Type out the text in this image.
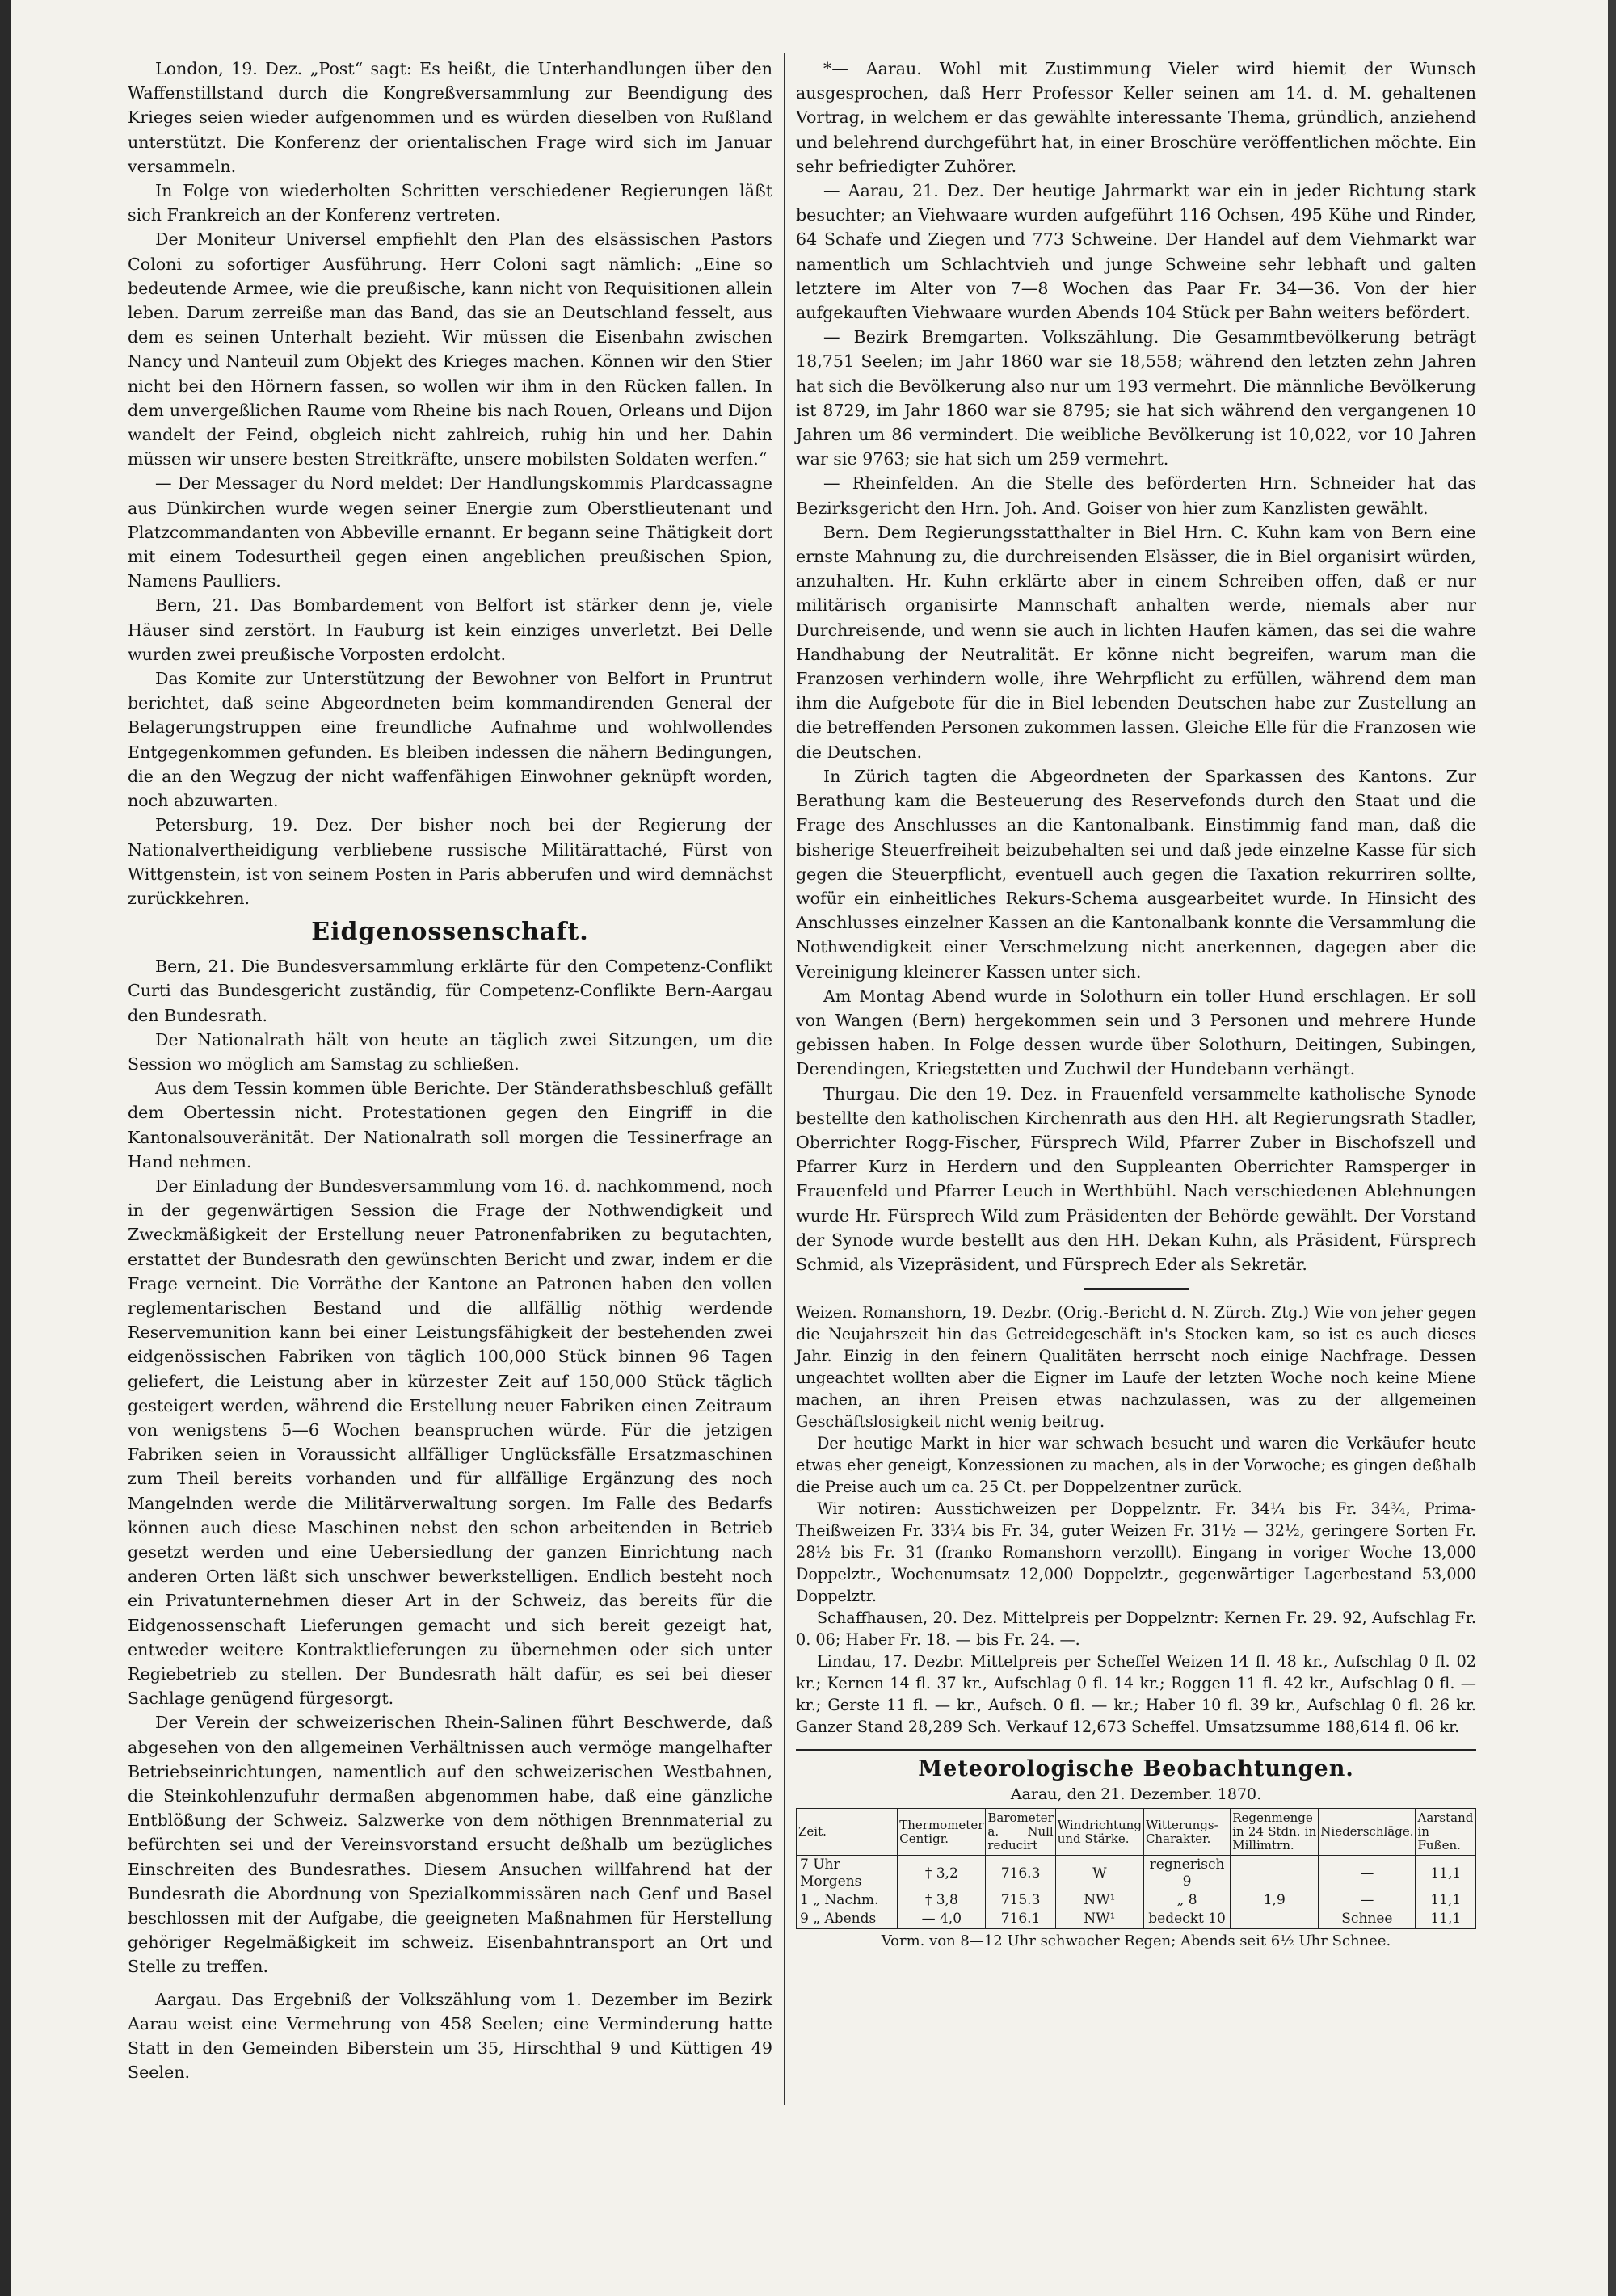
London, 19. Dez. „Post“ sagt: Es heißt, die Unterhandlungen über den Waffenstillstand durch die Kongreßversammlung zur Beendigung des Krieges seien wieder aufgenommen und es würden dieselben von Rußland unterstützt. Die Konferenz der orientalischen Frage wird sich im Januar versammeln.

In Folge von wiederholten Schritten verschiedener Regierungen läßt sich Frankreich an der Konferenz vertreten.

Der Moniteur Universel empfiehlt den Plan des elsässischen Pastors Coloni zu sofortiger Ausführung. Herr Coloni sagt nämlich: „Eine so bedeutende Armee, wie die preußische, kann nicht von Requisitionen allein leben. Darum zerreiße man das Band, das sie an Deutschland fesselt, aus dem es seinen Unterhalt bezieht. Wir müssen die Eisenbahn zwischen Nancy und Nanteuil zum Objekt des Krieges machen. Können wir den Stier nicht bei den Hörnern fassen, so wollen wir ihm in den Rücken fallen. In dem unvergeßlichen Raume vom Rheine bis nach Rouen, Orleans und Dijon wandelt der Feind, obgleich nicht zahlreich, ruhig hin und her. Dahin müssen wir unsere besten Streitkräfte, unsere mobilsten Soldaten werfen.“

— Der Messager du Nord meldet: Der Handlungskommis Plardcassagne aus Dünkirchen wurde wegen seiner Energie zum Oberstlieutenant und Platzcommandanten von Abbeville ernannt. Er begann seine Thätigkeit dort mit einem Todesurtheil gegen einen angeblichen preußischen Spion, Namens Paulliers.

Bern, 21. Das Bombardement von Belfort ist stärker denn je, viele Häuser sind zerstört. In Fauburg ist kein einziges unverletzt. Bei Delle wurden zwei preußische Vorposten erdolcht.

Das Komite zur Unterstützung der Bewohner von Belfort in Pruntrut berichtet, daß seine Abgeordneten beim kommandirenden General der Belagerungstruppen eine freundliche Aufnahme und wohlwollendes Entgegenkommen gefunden. Es bleiben indessen die nähern Bedingungen, die an den Wegzug der nicht waffenfähigen Einwohner geknüpft worden, noch abzuwarten.

Petersburg, 19. Dez. Der bisher noch bei der Regierung der Nationalvertheidigung verbliebene russische Militärattaché, Fürst von Wittgenstein, ist von seinem Posten in Paris abberufen und wird demnächst zurückkehren.

Eidgenossenschaft.

Bern, 21. Die Bundesversammlung erklärte für den Competenz-Conflikt Curti das Bundesgericht zuständig, für Competenz-Conflikte Bern-Aargau den Bundesrath.

Der Nationalrath hält von heute an täglich zwei Sitzungen, um die Session wo möglich am Samstag zu schließen.

Aus dem Tessin kommen üble Berichte. Der Ständerathsbeschluß gefällt dem Obertessin nicht. Protestationen gegen den Eingriff in die Kantonalsouveränität. Der Nationalrath soll morgen die Tessinerfrage an Hand nehmen.

Der Einladung der Bundesversammlung vom 16. d. nachkommend, noch in der gegenwärtigen Session die Frage der Nothwendigkeit und Zweckmäßigkeit der Erstellung neuer Patronenfabriken zu begutachten, erstattet der Bundesrath den gewünschten Bericht und zwar, indem er die Frage verneint. Die Vorräthe der Kantone an Patronen haben den vollen reglementarischen Bestand und die allfällig nöthig werdende Reservemunition kann bei einer Leistungsfähigkeit der bestehenden zwei eidgenössischen Fabriken von täglich 100,000 Stück binnen 96 Tagen geliefert, die Leistung aber in kürzester Zeit auf 150,000 Stück täglich gesteigert werden, während die Erstellung neuer Fabriken einen Zeitraum von wenigstens 5—6 Wochen beanspruchen würde. Für die jetzigen Fabriken seien in Voraussicht allfälliger Unglücksfälle Ersatzmaschinen zum Theil bereits vorhanden und für allfällige Ergänzung des noch Mangelnden werde die Militärverwaltung sorgen. Im Falle des Bedarfs können auch diese Maschinen nebst den schon arbeitenden in Betrieb gesetzt werden und eine Uebersiedlung der ganzen Einrichtung nach anderen Orten läßt sich unschwer bewerkstelligen. Endlich besteht noch ein Privatunternehmen dieser Art in der Schweiz, das bereits für die Eidgenossenschaft Lieferungen gemacht und sich bereit gezeigt hat, entweder weitere Kontraktlieferungen zu übernehmen oder sich unter Regiebetrieb zu stellen. Der Bundesrath hält dafür, es sei bei dieser Sachlage genügend fürgesorgt.

Der Verein der schweizerischen Rhein-Salinen führt Beschwerde, daß abgesehen von den allgemeinen Verhältnissen auch vermöge mangelhafter Betriebseinrichtungen, namentlich auf den schweizerischen Westbahnen, die Steinkohlenzufuhr dermaßen abgenommen habe, daß eine gänzliche Entblößung der Schweiz. Salzwerke von dem nöthigen Brennmaterial zu befürchten sei und der Vereinsvorstand ersucht deßhalb um bezügliches Einschreiten des Bundesrathes. Diesem Ansuchen willfahrend hat der Bundesrath die Abordnung von Spezialkommissären nach Genf und Basel beschlossen mit der Aufgabe, die geeigneten Maßnahmen für Herstellung gehöriger Regelmäßigkeit im schweiz. Eisenbahntransport an Ort und Stelle zu treffen.

Aargau. Das Ergebniß der Volkszählung vom 1. Dezember im Bezirk Aarau weist eine Vermehrung von 458 Seelen; eine Verminderung hatte Statt in den Gemeinden Biberstein um 35, Hirschthal 9 und Küttigen 49 Seelen.

*— Aarau. Wohl mit Zustimmung Vieler wird hiemit der Wunsch ausgesprochen, daß Herr Professor Keller seinen am 14. d. M. gehaltenen Vortrag, in welchem er das gewählte interessante Thema, gründlich, anziehend und belehrend durchgeführt hat, in einer Broschüre veröffentlichen möchte. Ein sehr befriedigter Zuhörer.

— Aarau, 21. Dez. Der heutige Jahrmarkt war ein in jeder Richtung stark besuchter; an Viehwaare wurden aufgeführt 116 Ochsen, 495 Kühe und Rinder, 64 Schafe und Ziegen und 773 Schweine. Der Handel auf dem Viehmarkt war namentlich um Schlachtvieh und junge Schweine sehr lebhaft und galten letztere im Alter von 7—8 Wochen das Paar Fr. 34—36. Von der hier aufgekauften Viehwaare wurden Abends 104 Stück per Bahn weiters befördert.

— Bezirk Bremgarten. Volkszählung. Die Gesammtbevölkerung beträgt 18,751 Seelen; im Jahr 1860 war sie 18,558; während den letzten zehn Jahren hat sich die Bevölkerung also nur um 193 vermehrt. Die männliche Bevölkerung ist 8729, im Jahr 1860 war sie 8795; sie hat sich während den vergangenen 10 Jahren um 86 vermindert. Die weibliche Bevölkerung ist 10,022, vor 10 Jahren war sie 9763; sie hat sich um 259 vermehrt.

— Rheinfelden. An die Stelle des beförderten Hrn. Schneider hat das Bezirksgericht den Hrn. Joh. And. Goiser von hier zum Kanzlisten gewählt.

Bern. Dem Regierungsstatthalter in Biel Hrn. C. Kuhn kam von Bern eine ernste Mahnung zu, die durchreisenden Elsässer, die in Biel organisirt würden, anzuhalten. Hr. Kuhn erklärte aber in einem Schreiben offen, daß er nur militärisch organisirte Mannschaft anhalten werde, niemals aber nur Durchreisende, und wenn sie auch in lichten Haufen kämen, das sei die wahre Handhabung der Neutralität. Er könne nicht begreifen, warum man die Franzosen verhindern wolle, ihre Wehrpflicht zu erfüllen, während dem man ihm die Aufgebote für die in Biel lebenden Deutschen habe zur Zustellung an die betreffenden Personen zukommen lassen. Gleiche Elle für die Franzosen wie die Deutschen.

In Zürich tagten die Abgeordneten der Sparkassen des Kantons. Zur Berathung kam die Besteuerung des Reservefonds durch den Staat und die Frage des Anschlusses an die Kantonalbank. Einstimmig fand man, daß die bisherige Steuerfreiheit beizubehalten sei und daß jede einzelne Kasse für sich gegen die Steuerpflicht, eventuell auch gegen die Taxation rekurriren sollte, wofür ein einheitliches Rekurs-Schema ausgearbeitet wurde. In Hinsicht des Anschlusses einzelner Kassen an die Kantonalbank konnte die Versammlung die Nothwendigkeit einer Verschmelzung nicht anerkennen, dagegen aber die Vereinigung kleinerer Kassen unter sich.

Am Montag Abend wurde in Solothurn ein toller Hund erschlagen. Er soll von Wangen (Bern) hergekommen sein und 3 Personen und mehrere Hunde gebissen haben. In Folge dessen wurde über Solothurn, Deitingen, Subingen, Derendingen, Kriegstetten und Zuchwil der Hundebann verhängt.

Thurgau. Die den 19. Dez. in Frauenfeld versammelte katholische Synode bestellte den katholischen Kirchenrath aus den HH. alt Regierungsrath Stadler, Oberrichter Rogg-Fischer, Fürsprech Wild, Pfarrer Zuber in Bischofszell und Pfarrer Kurz in Herdern und den Suppleanten Oberrichter Ramsperger in Frauenfeld und Pfarrer Leuch in Werthbühl. Nach verschiedenen Ablehnungen wurde Hr. Fürsprech Wild zum Präsidenten der Behörde gewählt. Der Vorstand der Synode wurde bestellt aus den HH. Dekan Kuhn, als Präsident, Fürsprech Schmid, als Vizepräsident, und Fürsprech Eder als Sekretär.

Weizen. Romanshorn, 19. Dezbr. (Orig.-Bericht d. N. Zürch. Ztg.) Wie von jeher gegen die Neujahrszeit hin das Getreidegeschäft in's Stocken kam, so ist es auch dieses Jahr. Einzig in den feinern Qualitäten herrscht noch einige Nachfrage. Dessen ungeachtet wollten aber die Eigner im Laufe der letzten Woche noch keine Miene machen, an ihren Preisen etwas nachzulassen, was zu der allgemeinen Geschäftslosigkeit nicht wenig beitrug.

Der heutige Markt in hier war schwach besucht und waren die Verkäufer heute etwas eher geneigt, Konzessionen zu machen, als in der Vorwoche; es gingen deßhalb die Preise auch um ca. 25 Ct. per Doppelzentner zurück.

Wir notiren: Ausstichweizen per Doppelzntr. Fr. 34¼ bis Fr. 34¾, Prima-Theißweizen Fr. 33¼ bis Fr. 34, guter Weizen Fr. 31½ — 32½, geringere Sorten Fr. 28½ bis Fr. 31 (franko Romanshorn verzollt). Eingang in voriger Woche 13,000 Doppelztr., Wochenumsatz 12,000 Doppelztr., gegenwärtiger Lagerbestand 53,000 Doppelztr.

Schaffhausen, 20. Dez. Mittelpreis per Doppelzntr: Kernen Fr. 29. 92, Aufschlag Fr. 0. 06; Haber Fr. 18. — bis Fr. 24. —.

Lindau, 17. Dezbr. Mittelpreis per Scheffel Weizen 14 fl. 48 kr., Aufschlag 0 fl. 02 kr.; Kernen 14 fl. 37 kr., Aufschlag 0 fl. 14 kr.; Roggen 11 fl. 42 kr., Aufschlag 0 fl. — kr.; Gerste 11 fl. — kr., Aufsch. 0 fl. — kr.; Haber 10 fl. 39 kr., Aufschlag 0 fl. 26 kr. Ganzer Stand 28,289 Sch. Verkauf 12,673 Scheffel. Umsatzsumme 188,614 fl. 06 kr.

Meteorologische Beobachtungen.
Aarau, den 21. Dezember. 1870.
Zeit.	Thermometer Centigr.	Barometer a. Null reducirt	Windrichtung und Stärke.	Witterungs-Charakter.	Regenmenge in 24 Stdn. in Millimtrn.	Niederschläge.	Aarstand in Fußen.
7 Uhr Morgens	† 3,2	716.3	W	regnerisch 9		—	11,1
1 „ Nachm.	† 3,8	715.3	NW¹	„ 8	1,9	—	11,1
9 „ Abends	— 4,0	716.1	NW¹	bedeckt 10		Schnee	11,1
Vorm. von 8—12 Uhr schwacher Regen; Abends seit 6½ Uhr Schnee.
